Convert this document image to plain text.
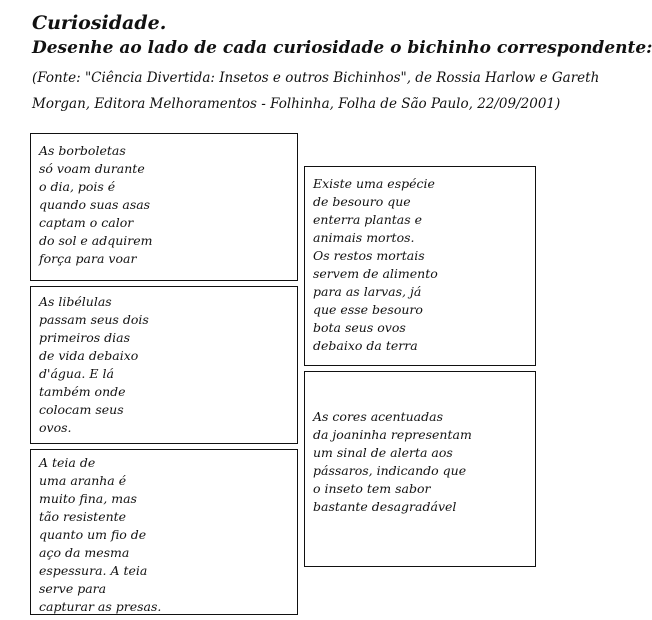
Curiosidade.
Desenhe ao lado de cada curiosidade o bichinho correspondente:
(Fonte: "Ciência Divertida: Insetos e outros Bichinhos", de Rossia Harlow e Gareth
Morgan, Editora Melhoramentos - Folhinha, Folha de São Paulo, 22/09/2001)
As borboletas
só voam durante
o dia, pois é
quando suas asas
captam o calor
do sol e adquirem
força para voar
As libélulas
passam seus dois
primeiros dias
de vida debaixo
d'água. E lá
também onde
colocam seus
ovos.
A teia de
uma aranha é
muito fina, mas
tão resistente
quanto um fio de
aço da mesma
espessura. A teia
serve para
capturar as presas.
Existe uma espécie
de besouro que
enterra plantas e
animais mortos.
Os restos mortais
servem de alimento
para as larvas, já
que esse besouro
bota seus ovos
debaixo da terra
As cores acentuadas
da joaninha representam
um sinal de alerta aos
pássaros, indicando que
o inseto tem sabor
bastante desagradável
